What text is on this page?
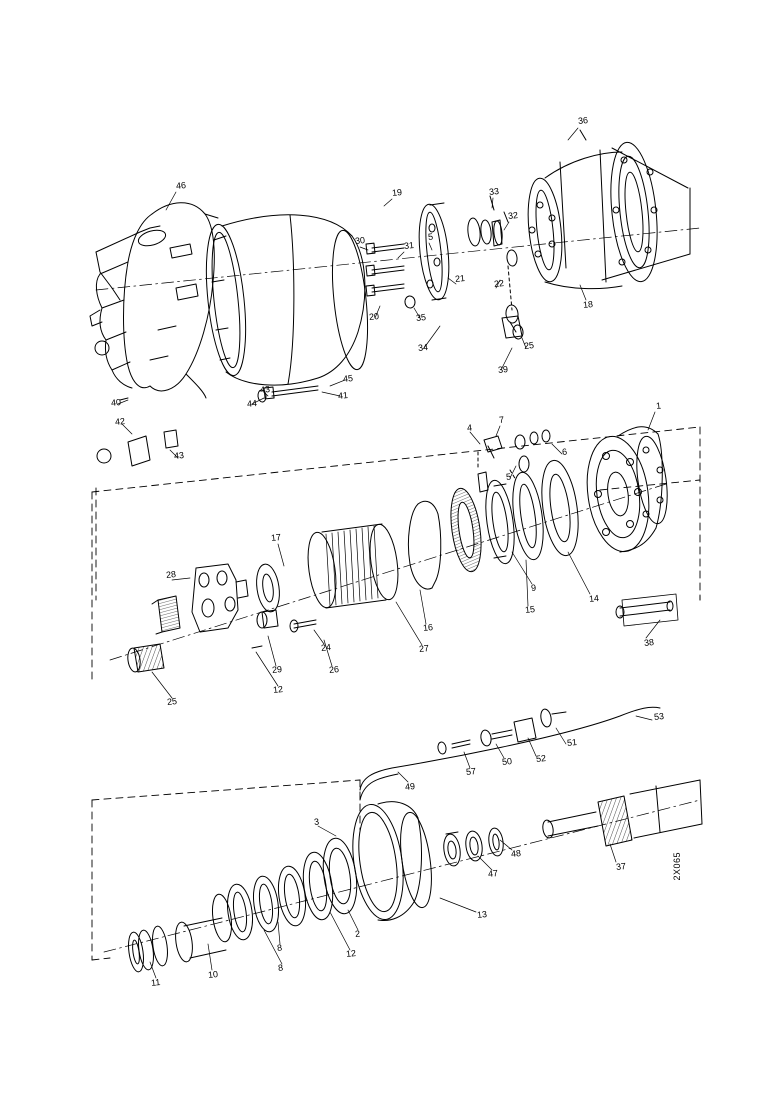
46
19
36
33
32
31
30	5
21	22
18
20	35
34	25
39
45
41
43
44
40
42
43
1
7
4
6
5
17
28
9
15
14
16
27
24
26
29
12
25
38
53
51
52
50
57
49
3
37
48
47
13
2
12
8
8
10
11
2X065
